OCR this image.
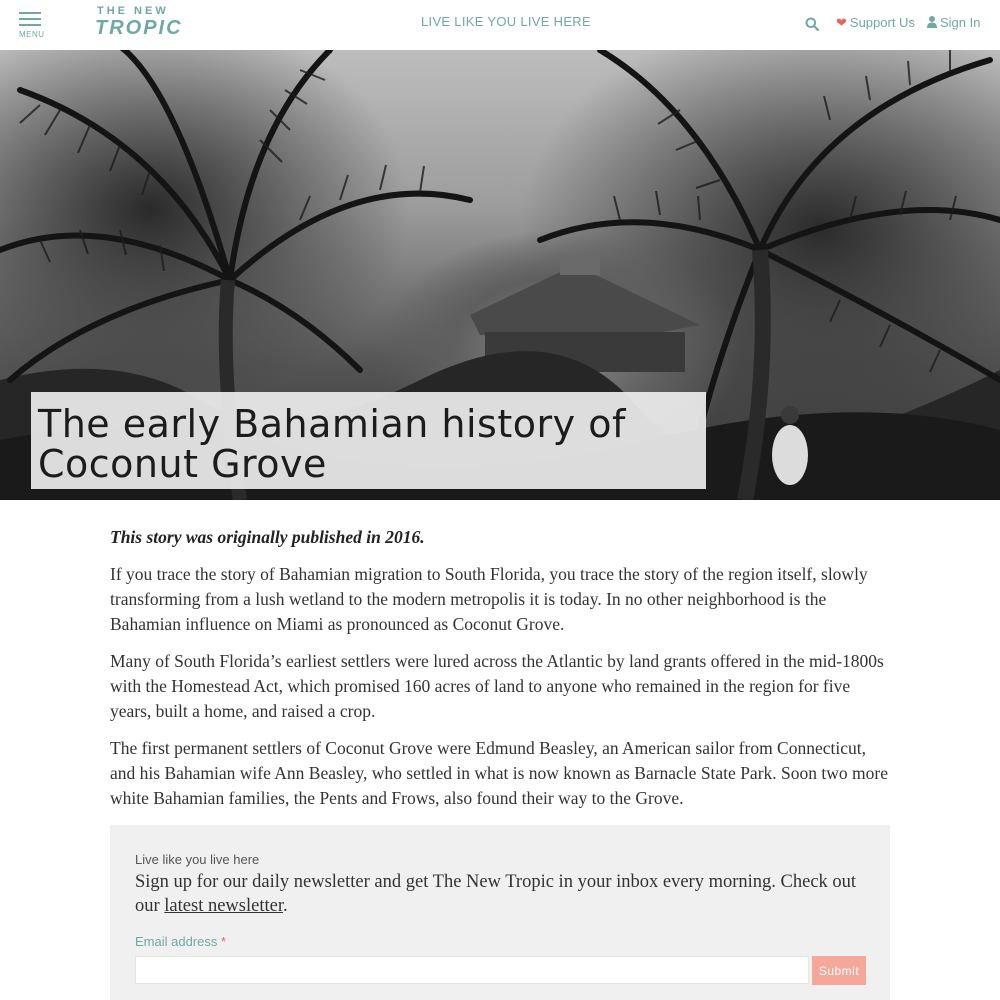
MENU
THE NEW
TROPIC	LIVE LIKE YOU LIVE HERE	❤ Support Us	Sign In
The early Bahamian history of Coconut Grove

This story was originally published in 2016.

If you trace the story of Bahamian migration to South Florida, you trace the story of the region itself, slowly transforming from a lush wetland to the modern metropolis it is today. In no other neighborhood is the Bahamian influence on Miami as pronounced as Coconut Grove.

Many of South Florida’s earliest settlers were lured across the Atlantic by land grants offered in the mid-1800s with the Homestead Act, which promised 160 acres of land to anyone who remained in the region for five years, built a home, and raised a crop.

The first permanent settlers of Coconut Grove were Edmund Beasley, an American sailor from Connecticut, and his Bahamian wife Ann Beasley, who settled in what is now known as Barnacle State Park. Soon two more white Bahamian families, the Pents and Frows, also found their way to the Grove.

Live like you live here
Sign up for our daily newsletter and get The New Tropic in your inbox every morning. Check out our latest newsletter.
Email address *
Submit
